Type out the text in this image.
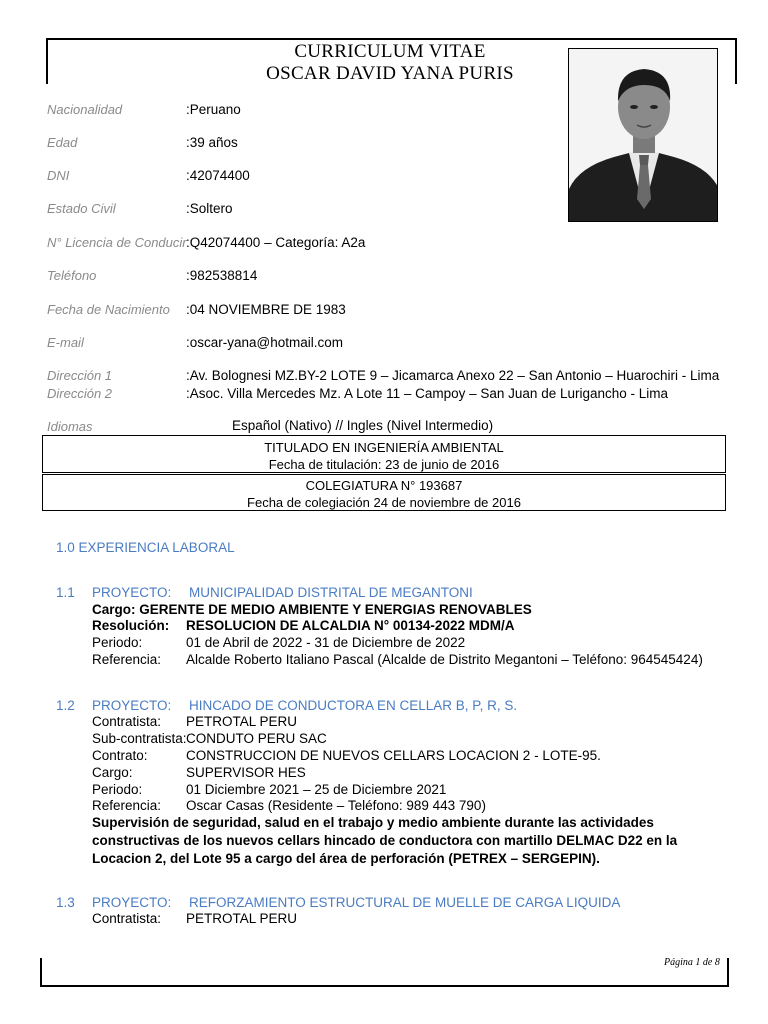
CURRICULUM VITAE
OSCAR DAVID YANA PURIS
Nacionalidad	:Peruano
Edad	:39 años
DNI	:42074400
Estado Civil	:Soltero
N° Licencia de Conducir :Q42074400 – Categoría: A2a
Teléfono	:982538814
Fecha de Nacimiento :04 NOVIEMBRE DE 1983
E-mail	:oscar-yana@hotmail.com
Dirección 1	:Av. Bolognesi MZ.BY-2 LOTE 9 – Jicamarca Anexo 22 – San Antonio – Huarochiri - Lima
Dirección 2	:Asoc. Villa Mercedes Mz. A Lote 11 – Campoy – San Juan de Lurigancho - Lima
Idiomas	Español (Nativo) // Ingles (Nivel Intermedio)
TITULADO EN INGENIERÍA AMBIENTAL
Fecha de titulación: 23 de junio de 2016
COLEGIATURA N° 193687
Fecha de colegiación 24 de noviembre de 2016
1.0 EXPERIENCIA LABORAL
1.1 PROYECTO: MUNICIPALIDAD DISTRITAL DE MEGANTONI
Cargo: GERENTE DE MEDIO AMBIENTE Y ENERGIAS RENOVABLES
Resolución: RESOLUCION DE ALCALDIA N° 00134-2022 MDM/A
Periodo:	01 de Abril de 2022 - 31 de Diciembre de 2022
Referencia: Alcalde Roberto Italiano Pascal (Alcalde de Distrito Megantoni – Teléfono: 964545424)
1.2 PROYECTO: HINCADO DE CONDUCTORA EN CELLAR B, P, R, S.
Contratista: PETROTAL PERU
Sub-contratista: CONDUTO PERU SAC
Contrato:	CONSTRUCCION DE NUEVOS CELLARS LOCACION 2 - LOTE-95.
Cargo:	SUPERVISOR HES
Periodo:	01 Diciembre 2021 – 25 de Diciembre 2021
Referencia: Oscar Casas (Residente – Teléfono: 989 443 790)
Supervisión de seguridad, salud en el trabajo y medio ambiente durante las actividades constructivas de los nuevos cellars hincado de conductora con martillo DELMAC D22 en la Locacion 2, del Lote 95 a cargo del área de perforación (PETREX – SERGEPIN).
1.3 PROYECTO: REFORZAMIENTO ESTRUCTURAL DE MUELLE DE CARGA LIQUIDA
Contratista: PETROTAL PERU
Página 1 de 8
